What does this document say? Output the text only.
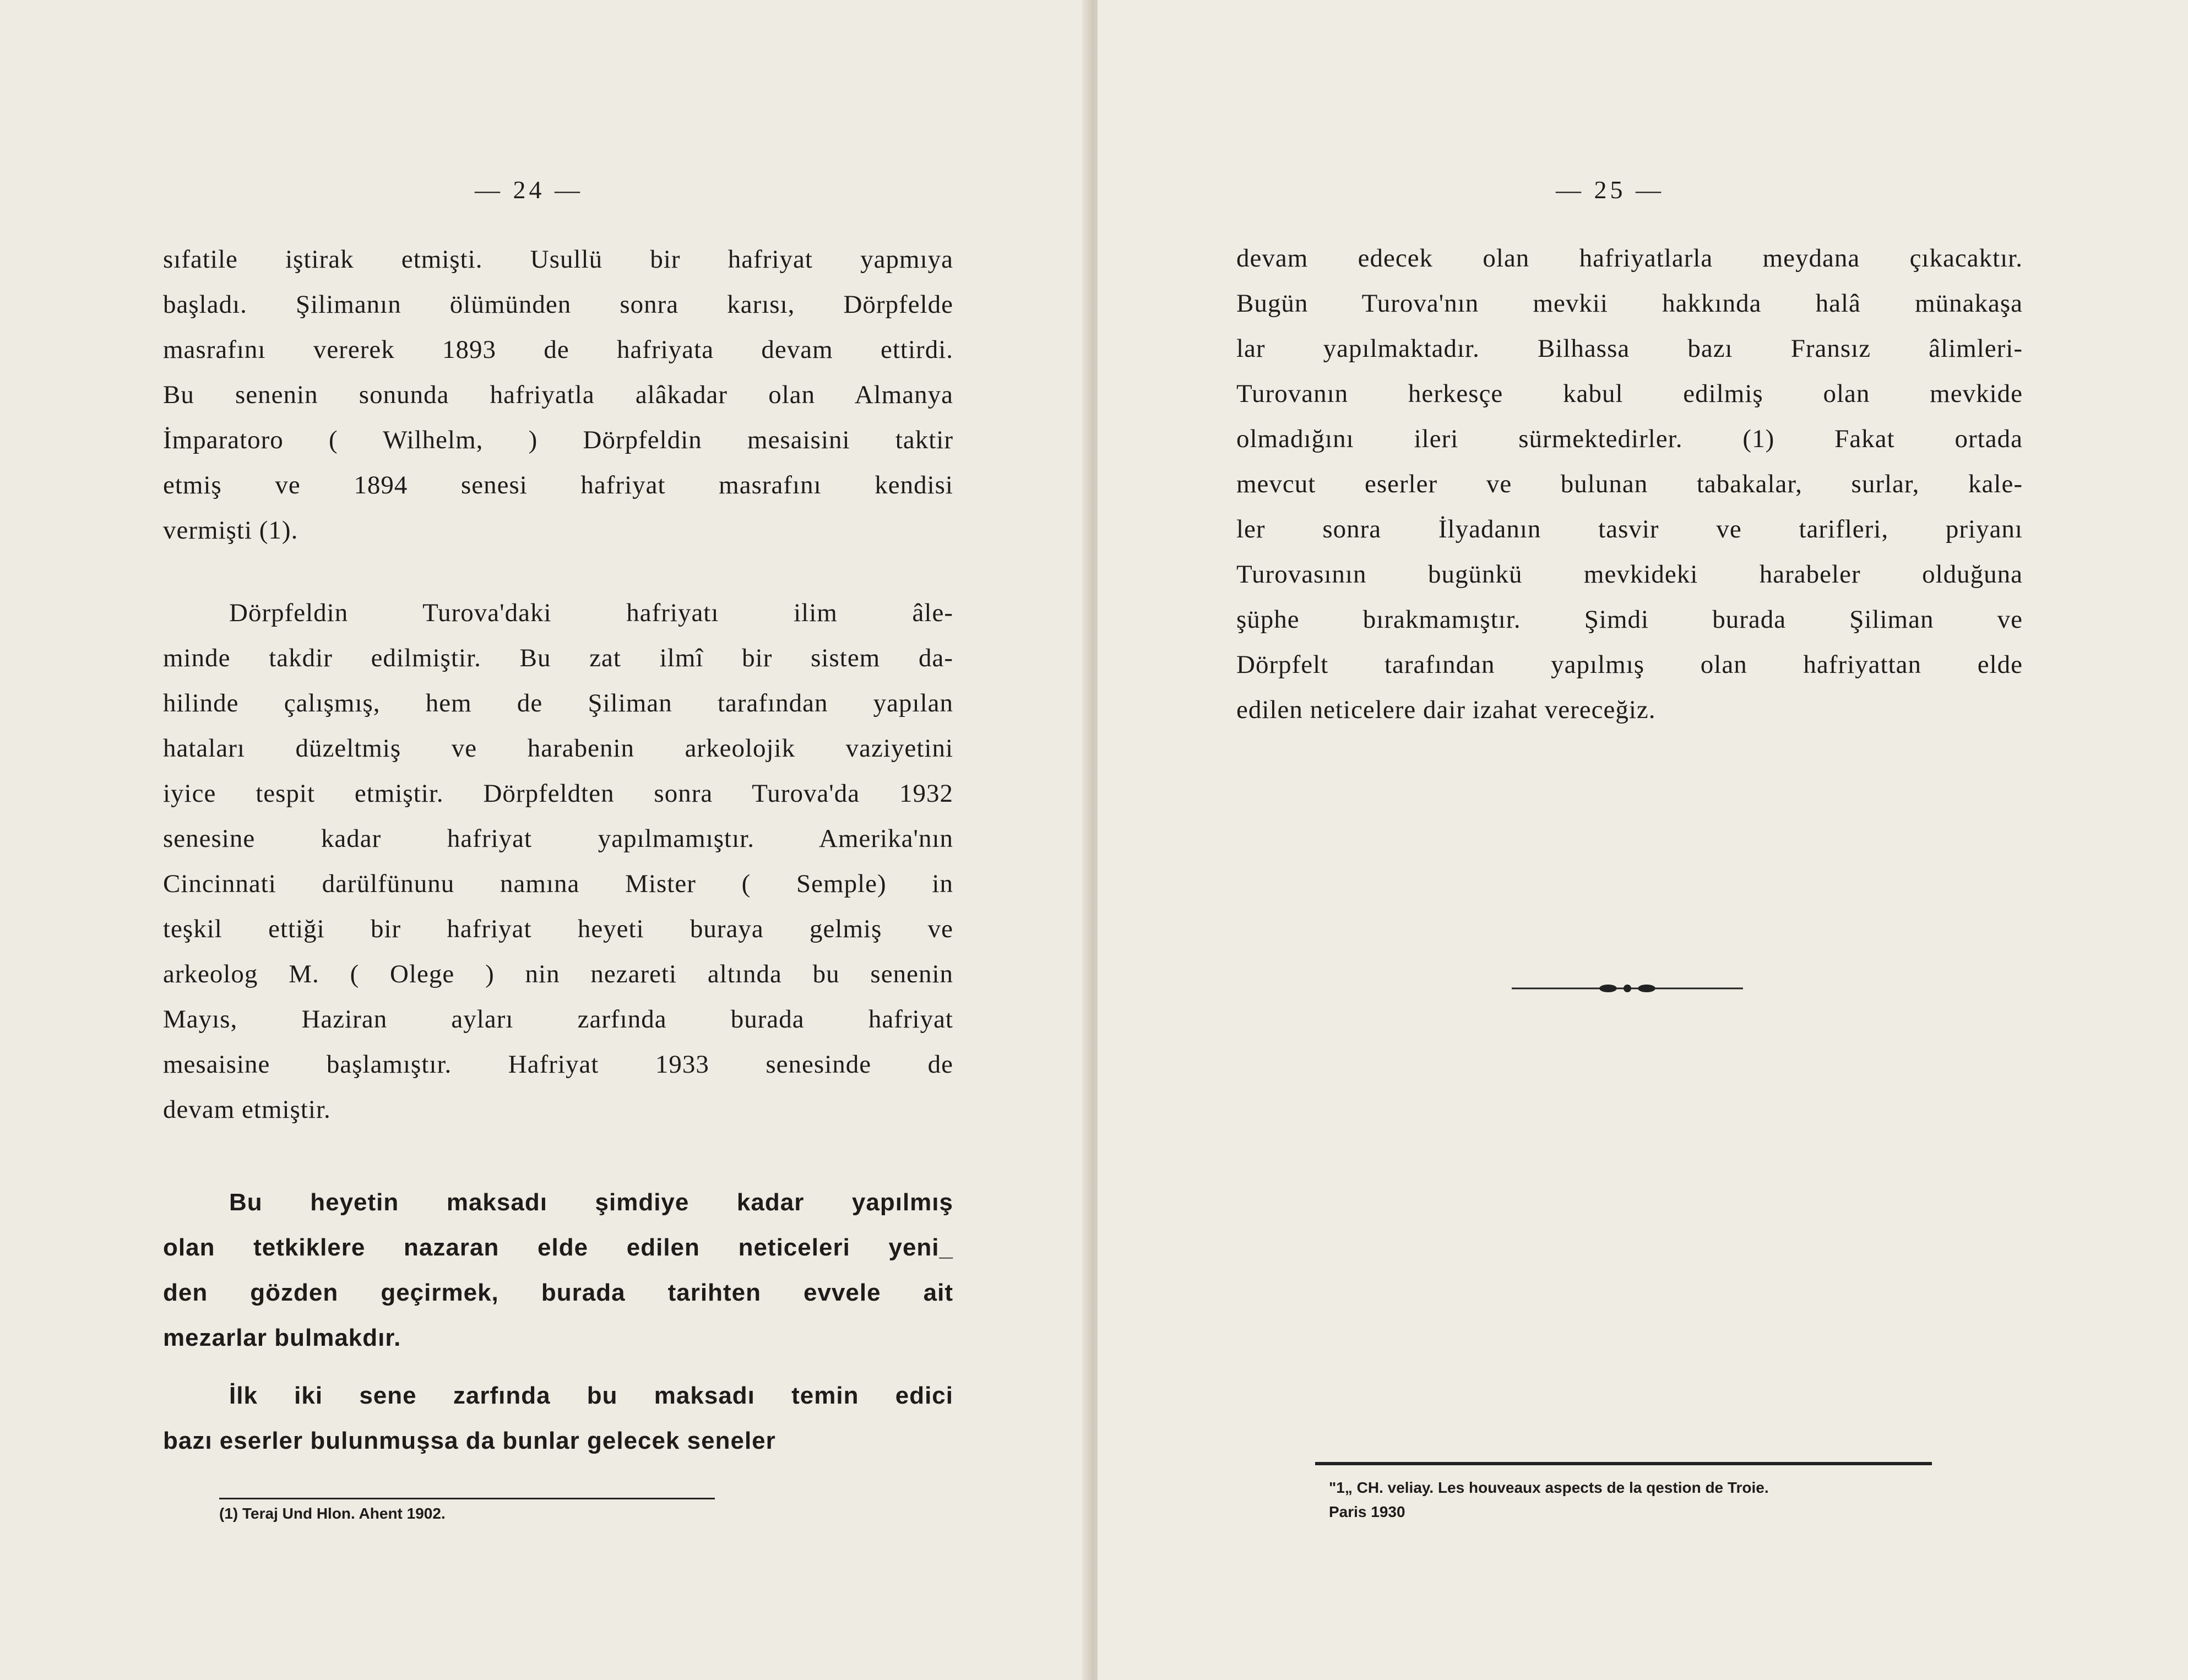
— 24 —
sıfatile iştirak etmişti. Usullü bir hafriyat yapmıya
başladı. Şilimanın ölümünden sonra karısı, Dörpfelde
masrafını vererek 1893 de hafriyata devam ettirdi.
Bu senenin sonunda hafriyatla alâkadar olan Almanya
İmparatoro ( Wilhelm, ) Dörpfeldin mesaisini taktir
etmiş ve 1894 senesi hafriyat masrafını kendisi
vermişti (1).
Dörpfeldin Turova'daki hafriyatı ilim âle-
minde takdir edilmiştir. Bu zat ilmî bir sistem da-
hilinde çalışmış, hem de Şiliman tarafından yapılan
hataları düzeltmiş ve harabenin arkeolojik vaziyetini
iyice tespit etmiştir. Dörpfeldten sonra Turova'da 1932
senesine kadar hafriyat yapılmamıştır. Amerika'nın
Cincinnati darülfünunu namına Mister ( Semple) in
teşkil ettiği bir hafriyat heyeti buraya gelmiş ve
arkeolog M. ( Olege ) nin nezareti altında bu senenin
Mayıs, Haziran ayları zarfında burada hafriyat
mesaisine başlamıştır. Hafriyat 1933 senesinde de
devam etmiştir.
Bu heyetin maksadı şimdiye kadar yapılmış
olan tetkiklere nazaran elde edilen neticeleri yeni_
den gözden geçirmek, burada tarihten evvele ait
mezarlar bulmakdır.
İlk iki sene zarfında bu maksadı temin edici
bazı eserler bulunmuşsa da bunlar gelecek seneler
(1) Teraj Und Hlon. Ahent 1902.
— 25 —
devam edecek olan hafriyatlarla meydana çıkacaktır.
Bugün Turova'nın mevkii hakkında halâ münakaşa
lar yapılmaktadır. Bilhassa bazı Fransız âlimleri-
Turovanın herkesçe kabul edilmiş olan mevkide
olmadığını ileri sürmektedirler. (1) Fakat ortada
mevcut eserler ve bulunan tabakalar, surlar, kale-
ler sonra İlyadanın tasvir ve tarifleri, priyanı
Turovasının bugünkü mevkideki harabeler olduğuna
şüphe bırakmamıştır. Şimdi burada Şiliman ve
Dörpfelt tarafından yapılmış olan hafriyattan elde
edilen neticelere dair izahat vereceğiz.
"1„ CH. veliay. Les houveaux aspects de la qestion de Troie.
Paris 1930
